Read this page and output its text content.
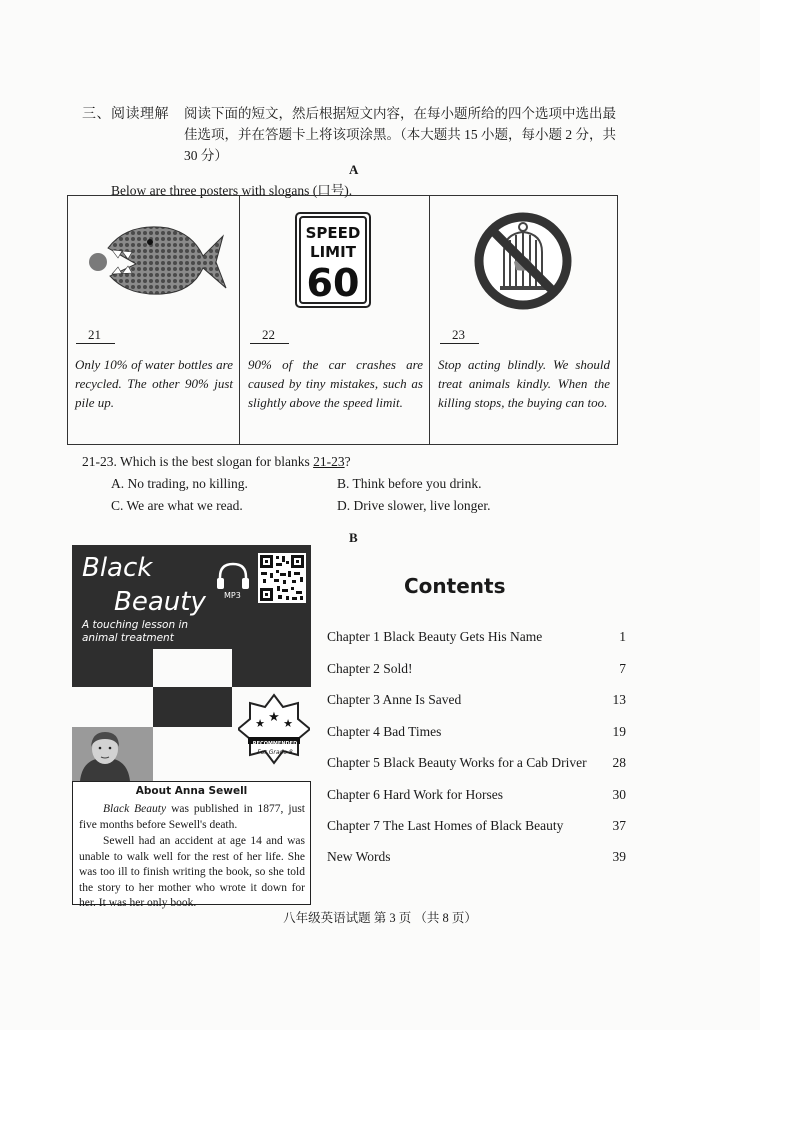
三、阅读理解 阅读下面的短文，然后根据短文内容，在每小题所给的四个选项中选出最佳选项，并在答题卡上将该项涂黑。（本大题共 15 小题，每小题 2 分，共 30 分）
A
Below are three posters with slogans (口号).
21
Only 10% of water bottles are recycled. The other 90% just pile up.
SPEED
LIMIT
60
22
90% of the car crashes are caused by tiny mistakes, such as slightly above the speed limit.
23
Stop acting blindly. We should treat animals kindly. When the killing stops, the buying can too.
21-23. Which is the best slogan for blanks 21-23?
A. No trading, no killing.	B. Think before you drink.
C. We are what we read.	D. Drive slower, live longer.
B
Black
Beauty
A touching lesson in animal treatment
MP3
★ ★ ★
RECOMMENDED
For Grade 8
About Anna Sewell
Black Beauty was published in 1877, just five months before Sewell's death.
Sewell had an accident at age 14 and was unable to walk well for the rest of her life. She was too ill to finish writing the book, so she told the story to her mother who wrote it down for her. It was her only book.
Contents
Chapter 1 Black Beauty Gets His Name	1
Chapter 2 Sold!	7
Chapter 3 Anne Is Saved	13
Chapter 4 Bad Times	19
Chapter 5 Black Beauty Works for a Cab Driver	28
Chapter 6 Hard Work for Horses	30
Chapter 7 The Last Homes of Black Beauty	37
New Words	39
八年级英语试题 第 3 页 （共 8 页）
